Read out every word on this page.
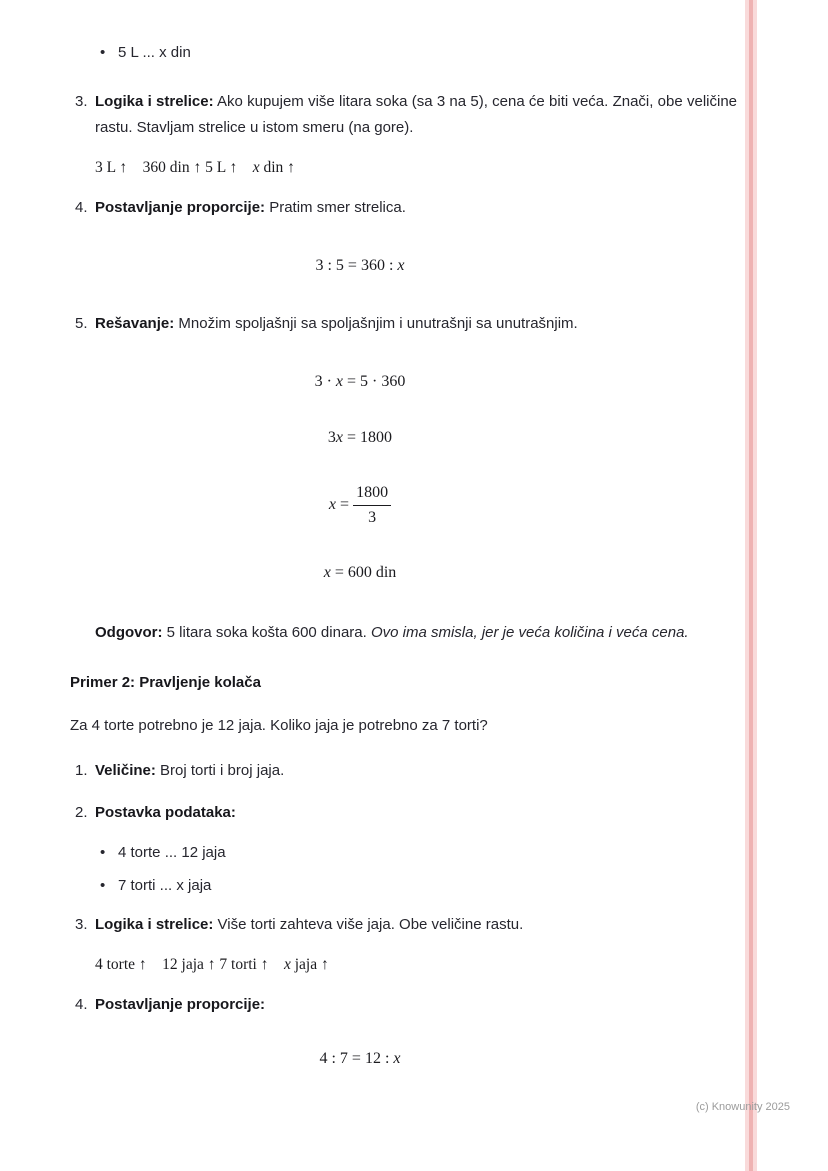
•
5 L ... x din
3. Logika i strelice: Ako kupujem više litara soka (sa 3 na 5), cena će biti veća. Znači, obe veličine rastu. Stavljam strelice u istom smeru (na gore).

3 L ↑ 360 din ↑ 5 L ↑ x din ↑
4. Postavljanje proporcije: Pratim smer strelica.

3 : 5 = 360 : x
5. Rešavanje: Množim spoljašnji sa spoljašnjim i unutrašnji sa unutrašnjim.

3 · x = 5 · 360
3x = 1800
$x = \frac{1800}{3}$
x = 600 din

Odgovor: 5 litara soka košta 600 dinara. Ovo ima smisla, jer je veća količina i veća cena.

Primer 2: Pravljenje kolača

Za 4 torte potrebno je 12 jaja. Koliko jaja je potrebno za 7 torti?

1. Veličine: Broj torti i broj jaja.

2. Postavka podataka:

•
4 torte ... 12 jaja
•
7 torti ... x jaja
3. Logika i strelice: Više torti zahteva više jaja. Obe veličine rastu.

4 torte ↑ 12 jaja ↑ 7 torti ↑ x jaja ↑
4. Postavljanje proporcije:

4 : 7 = 12 : x
(c) Knowunity 2025
